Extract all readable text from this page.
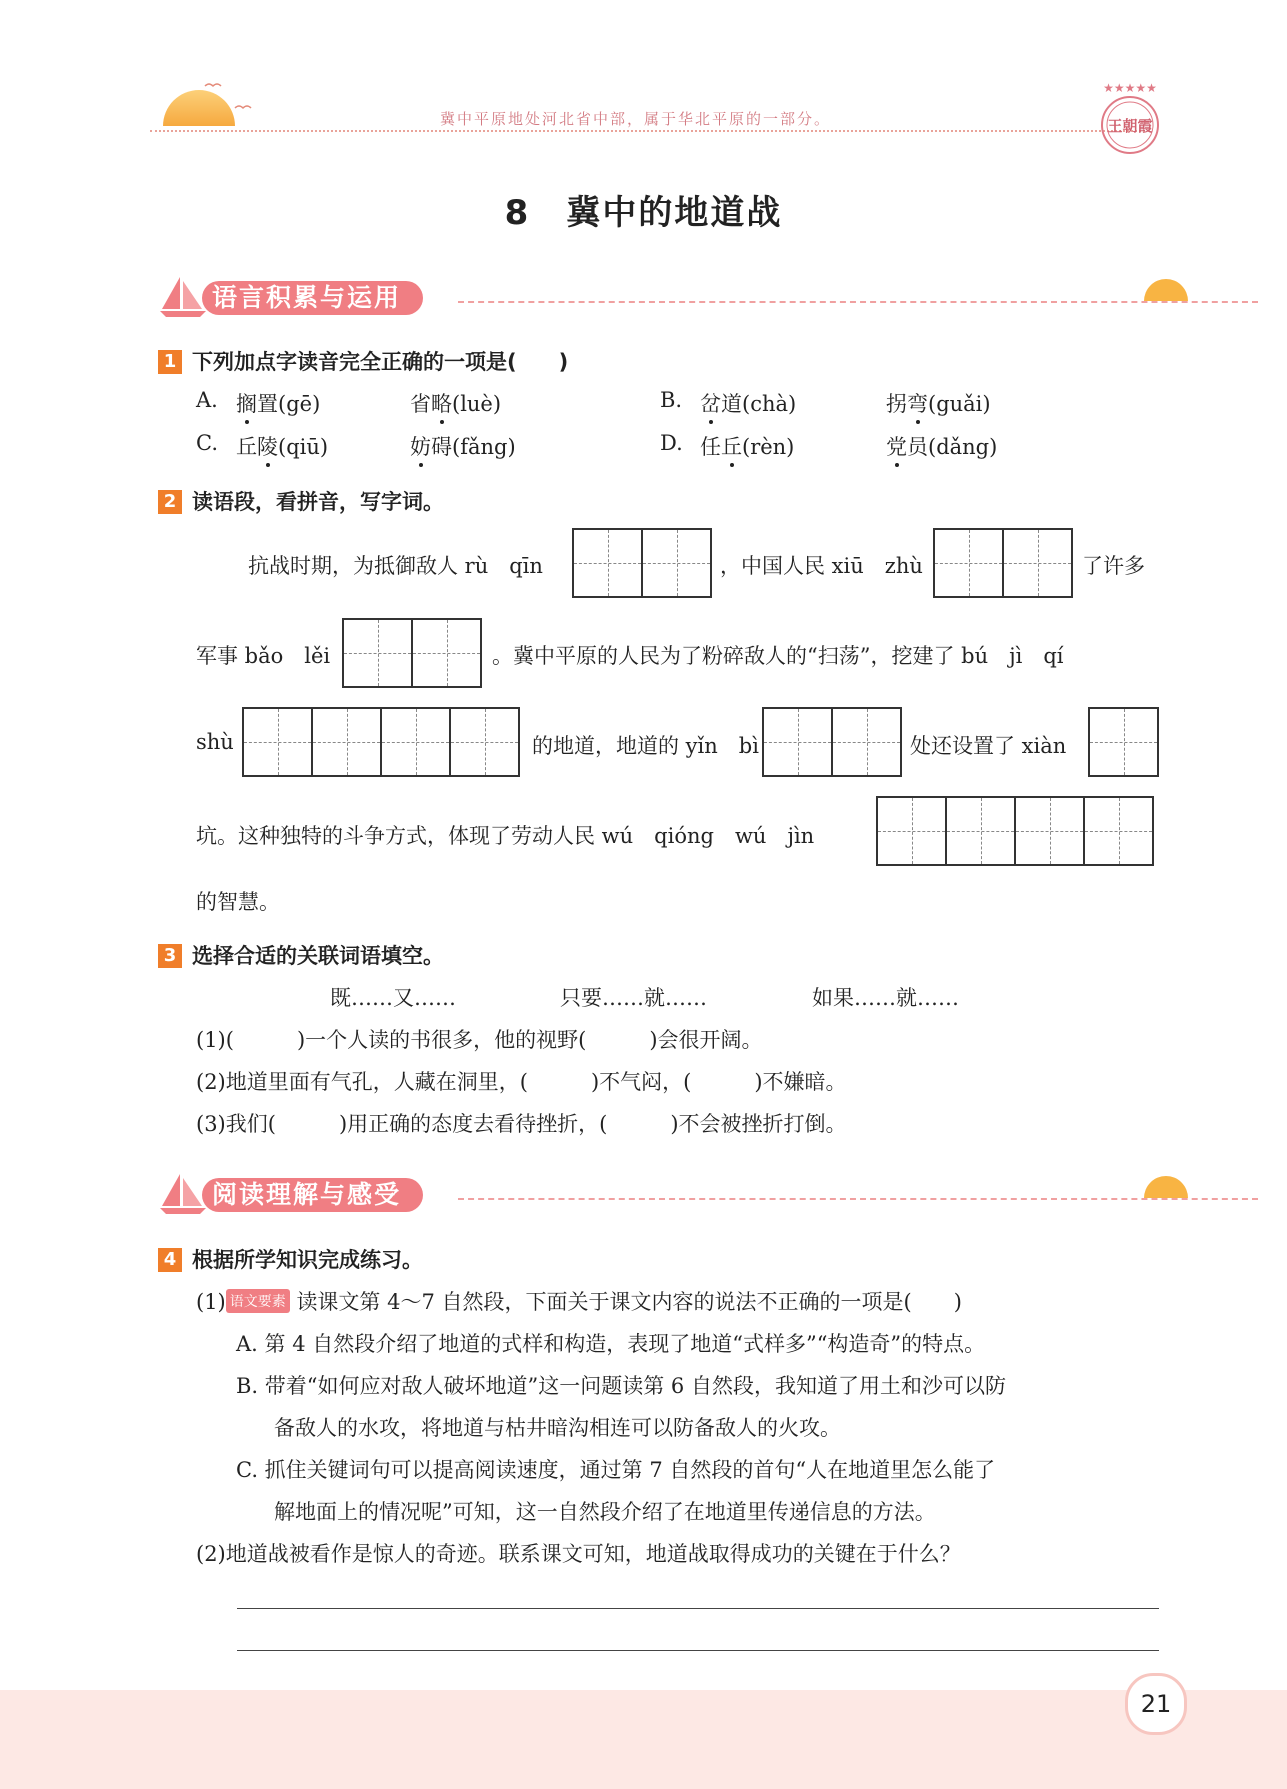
冀中平原地处河北省中部，属于华北平原的一部分。
★★★★★
王朝霞
8　冀中的地道战
语言积累与运用
1 下列加点字读音完全正确的一项是(　　)
A. 搁置(gē)	省略(luè)	B. 岔道(chà)	拐弯(guǎi)
C. 丘陵(qiū)	妨碍(fǎng)	D. 任丘(rèn)	党员(dǎng)
2 读语段，看拼音，写字词。
抗战时期，为抵御敌人 rù　qīn	，中国人民 xiū　zhù	了许多
军事 bǎo　lěi	。冀中平原的人民为了粉碎敌人的“扫荡”，挖建了 bú　jì　qí
shù	的地道，地道的 yǐn　bì	处还设置了 xiàn
坑。这种独特的斗争方式，体现了劳动人民 wú　qióng　wú　jìn
的智慧。
3 选择合适的关联词语填空。
既……又……	只要……就……	如果……就……
(1)(　　　)一个人读的书很多，他的视野(　　　)会很开阔。
(2)地道里面有气孔，人藏在洞里，(　　　)不气闷，(　　　)不嫌暗。
(3)我们(　　　)用正确的态度去看待挫折，(　　　)不会被挫折打倒。
阅读理解与感受
4 根据所学知识完成练习。
(1) 语文要素 读课文第 4～7 自然段，下面关于课文内容的说法不正确的一项是(　　)
A. 第 4 自然段介绍了地道的式样和构造，表现了地道“式样多”“构造奇”的特点。
B. 带着“如何应对敌人破坏地道”这一问题读第 6 自然段，我知道了用土和沙可以防
备敌人的水攻，将地道与枯井暗沟相连可以防备敌人的火攻。
C. 抓住关键词句可以提高阅读速度，通过第 7 自然段的首句“人在地道里怎么能了
解地面上的情况呢”可知，这一自然段介绍了在地道里传递信息的方法。
(2)地道战被看作是惊人的奇迹。联系课文可知，地道战取得成功的关键在于什么？
21
